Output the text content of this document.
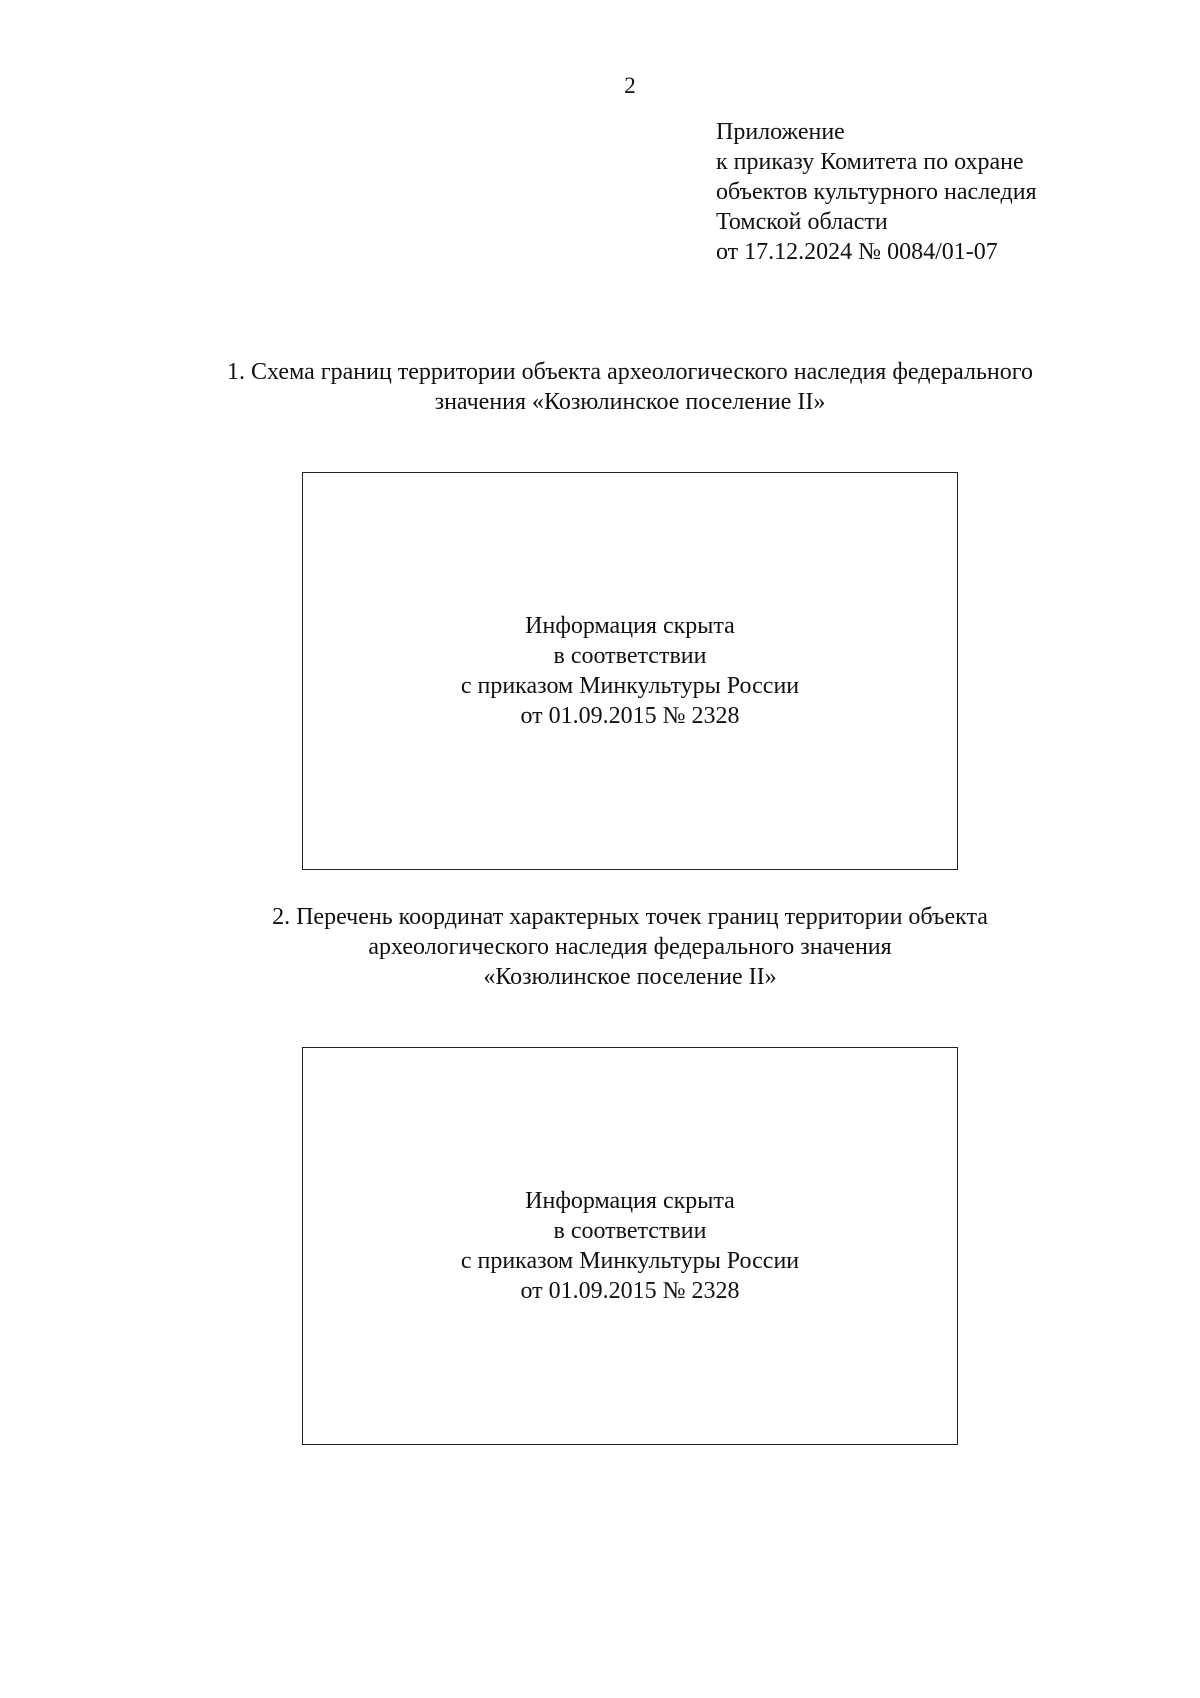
2
Приложение
к приказу Комитета по охране
объектов культурного наследия
Томской области
от 17.12.2024 № 0084/01-07
1. Схема границ территории объекта археологического наследия федерального
значения «Козюлинское поселение II»
Информация скрыта
в соответствии
с приказом Минкультуры России
от 01.09.2015 № 2328
2. Перечень координат характерных точек границ территории объекта
археологического наследия федерального значения
«Козюлинское поселение II»
Информация скрыта
в соответствии
с приказом Минкультуры России
от 01.09.2015 № 2328
